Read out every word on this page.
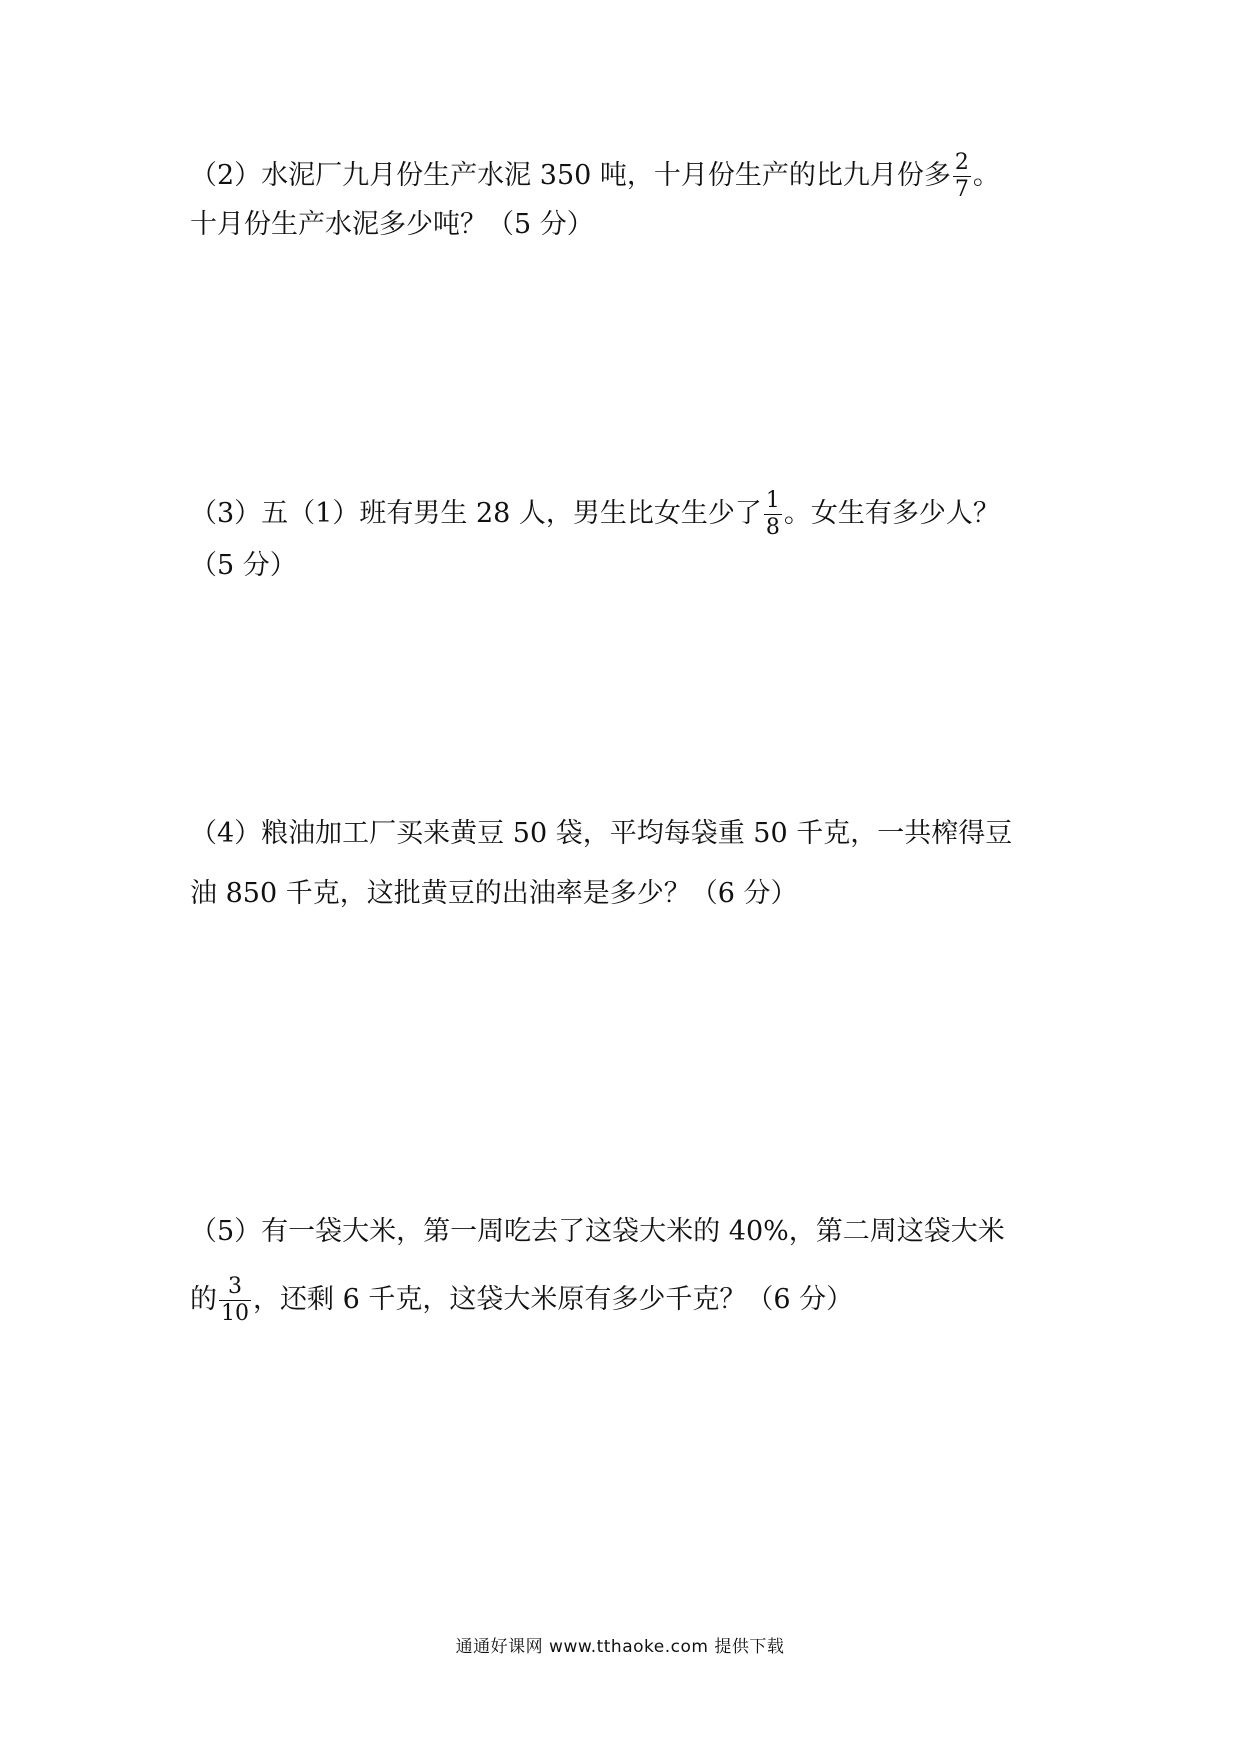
（2）水泥厂九月份生产水泥 350 吨，十月份生产的比九月份多 $\frac{2}{7}$ 。
十月份生产水泥多少吨？（5 分）
（3）五（1）班有男生 28 人，男生比女生少了 $\frac{1}{8}$ 。女生有多少人？
（5 分）
（4）粮油加工厂买来黄豆 50 袋，平均每袋重 50 千克，一共榨得豆
油 850 千克，这批黄豆的出油率是多少？（6 分）
（5）有一袋大米，第一周吃去了这袋大米的 40%，第二周这袋大米
的 $\frac{3}{10}$ ，还剩 6 千克，这袋大米原有多少千克？（6 分）
通通好课网 www.tthaoke.com 提供下载
